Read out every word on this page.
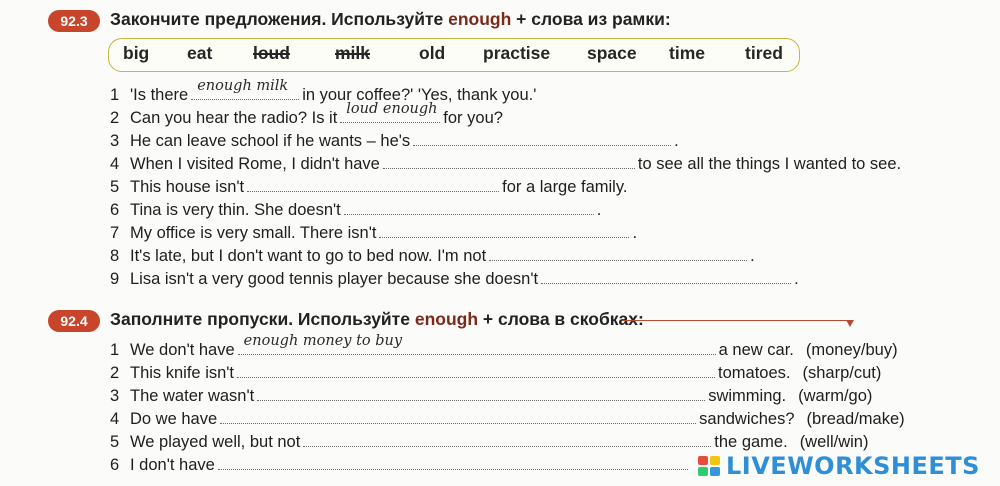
92.3	Закончите предложения. Используйте enough + слова из рамки:
big eat loud	milk	old practise space time tired
1 'Is there enough milk in your coffee?' 'Yes, thank you.'
2 Can you hear the radio? Is it loud enough for you?
3 He can leave school if he wants – he's	.
4 When I visited Rome, I didn't have	to see all the things I wanted to see.
5 This house isn't	for a large family.
6 Tina is very thin. She doesn't	.
7 My office is very small. There isn't	.
8 It's late, but I don't want to go to bed now. I'm not	.
9 Lisa isn't a very good tennis player because she doesn't	.
92.4	Заполните пропуски. Используйте enough + слова в скобках:
1 We don't have enough money to buy	a new car. (money/buy)
2 This knife isn't	tomatoes. (sharp/cut)
3 The water wasn't	swimming. (warm/go)
4 Do we have	sandwiches? (bread/make)
5 We played well, but not	the game. (well/win)
6 I don't have	LIVEWORKSHEETS
